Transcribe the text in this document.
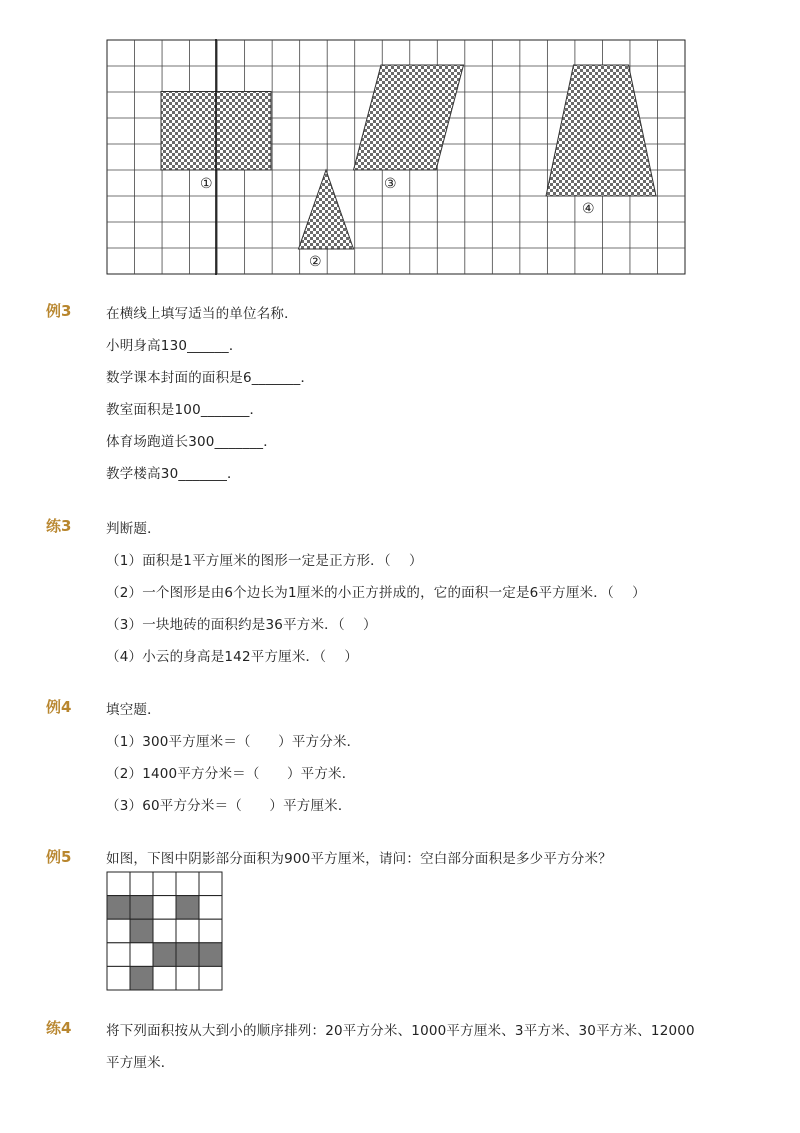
①
②
③
④
例3	在横线上填写适当的单位名称．
小明身高130______．
数学课本封面的面积是6_______．
教室面积是100_______．
体育场跑道长300_______．
教学楼高30_______．
练3	判断题．
（1）面积是1平方厘米的图形一定是正方形．（　 ）
（2）一个图形是由6个边长为1厘米的小正方拼成的，它的面积一定是6平方厘米．（　 ）
（3）一块地砖的面积约是36平方米．（　 ）
（4）小云的身高是142平方厘米．（　 ）
例4	填空题．
（1）300平方厘米＝（　　）平方分米．
（2）1400平方分米＝（　　）平方米．
（3）60平方分米＝（　　）平方厘米．
例5	如图，下图中阴影部分面积为900平方厘米，请问：空白部分面积是多少平方分米？
练4	将下列面积按从大到小的顺序排列：20平方分米、1000平方厘米、3平方米、30平方米、12000
平方厘米．
